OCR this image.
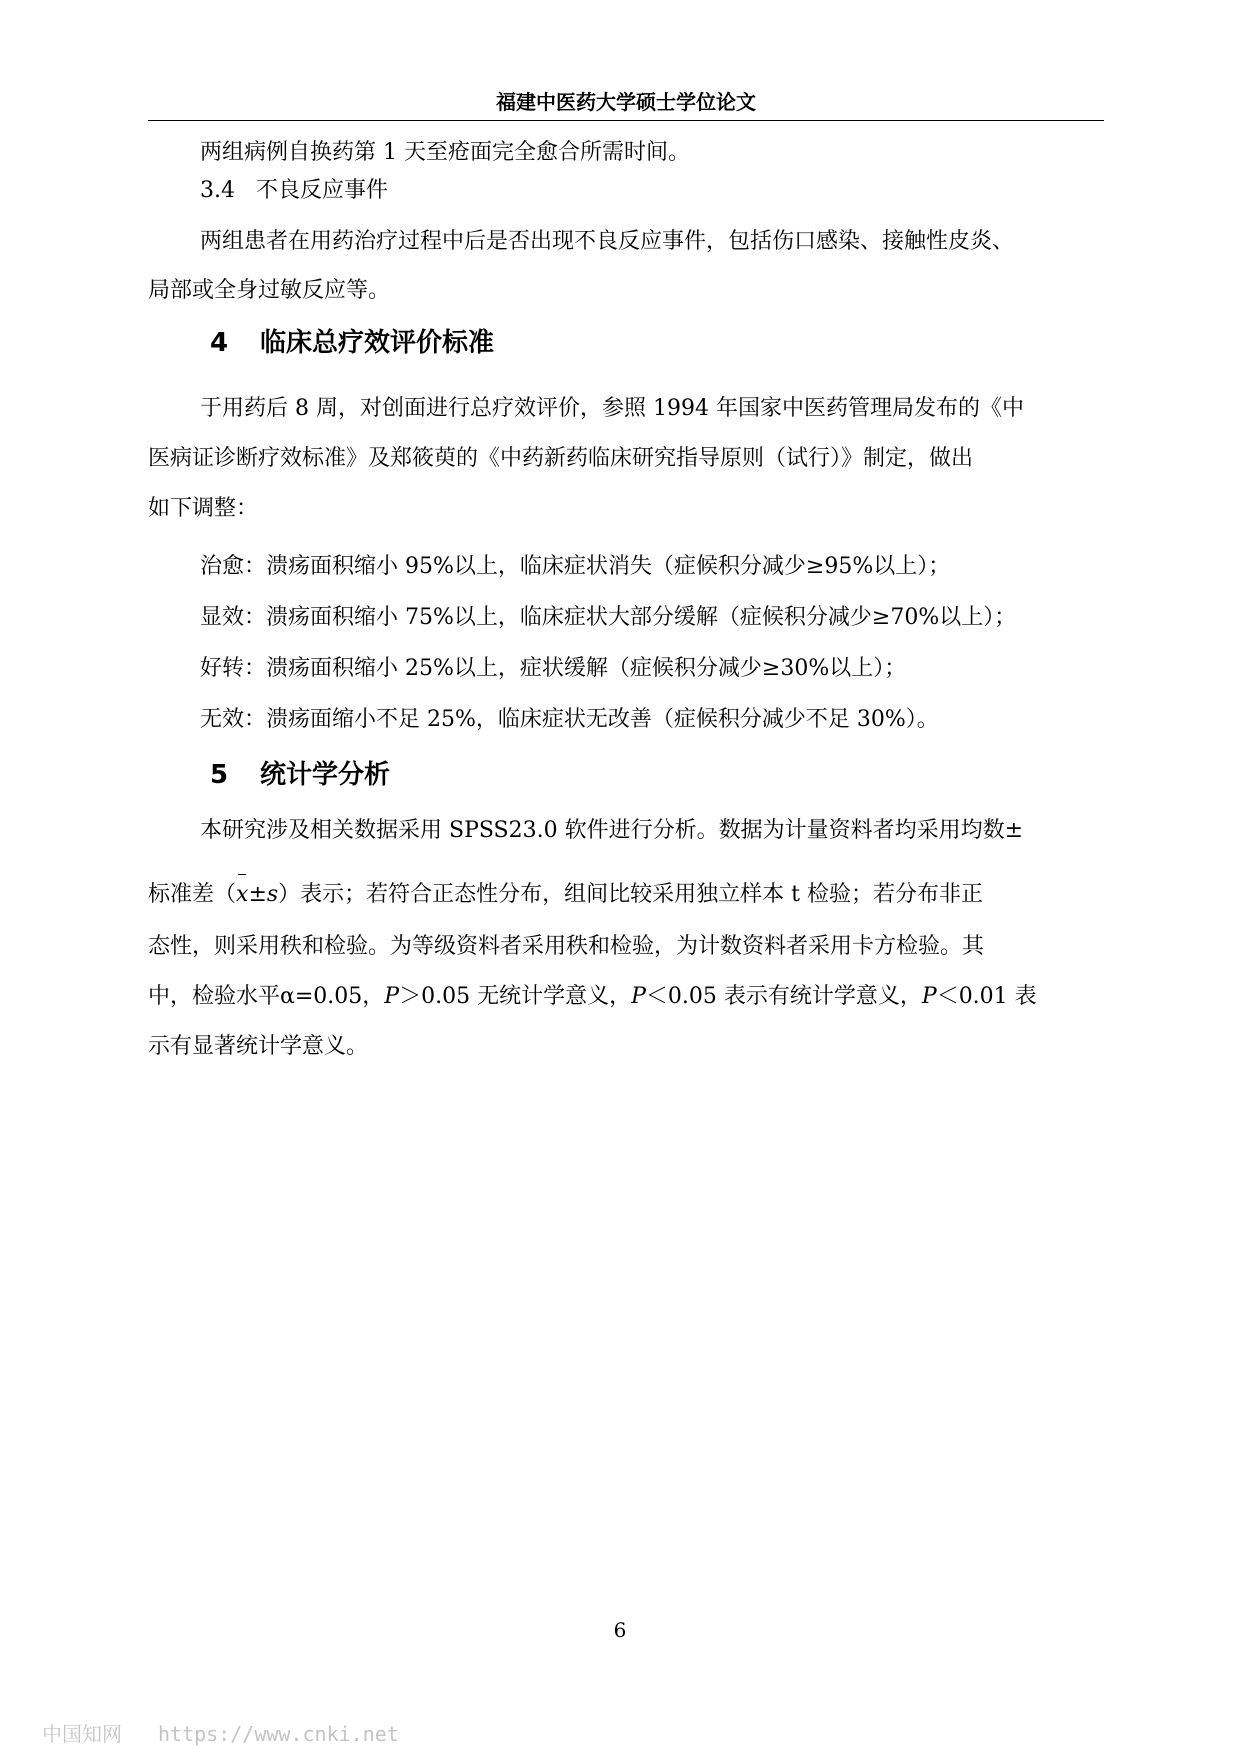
福建中医药大学硕士学位论文
两组病例自换药第 1 天至疮面完全愈合所需时间。
3.4 不良反应事件
两组患者在用药治疗过程中后是否出现不良反应事件，包括伤口感染、接触性皮炎、
局部或全身过敏反应等。
4 临床总疗效评价标准
于用药后 8 周，对创面进行总疗效评价，参照 1994 年国家中医药管理局发布的《中
医病证诊断疗效标准》及郑筱萸的《中药新药临床研究指导原则（试行）》制定，做出
如下调整：
治愈：溃疡面积缩小 95%以上，临床症状消失（症候积分减少≥95%以上）；
显效：溃疡面积缩小 75%以上，临床症状大部分缓解（症候积分减少≥70%以上）；
好转：溃疡面积缩小 25%以上，症状缓解（症候积分减少≥30%以上）；
无效：溃疡面缩小不足 25%，临床症状无改善（症候积分减少不足 30%）。
5 统计学分析
本研究涉及相关数据采用 SPSS23.0 软件进行分析。数据为计量资料者均采用均数±
标准差（x±s）表示；若符合正态性分布，组间比较采用独立样本 t 检验；若分布非正
态性，则采用秩和检验。为等级资料者采用秩和检验，为计数资料者采用卡方检验。其
中，检验水平α=0.05，P＞0.05 无统计学意义，P＜0.05 表示有统计学意义，P＜0.01 表
示有显著统计学意义。
6
中国知网 https://www.cnki.net
